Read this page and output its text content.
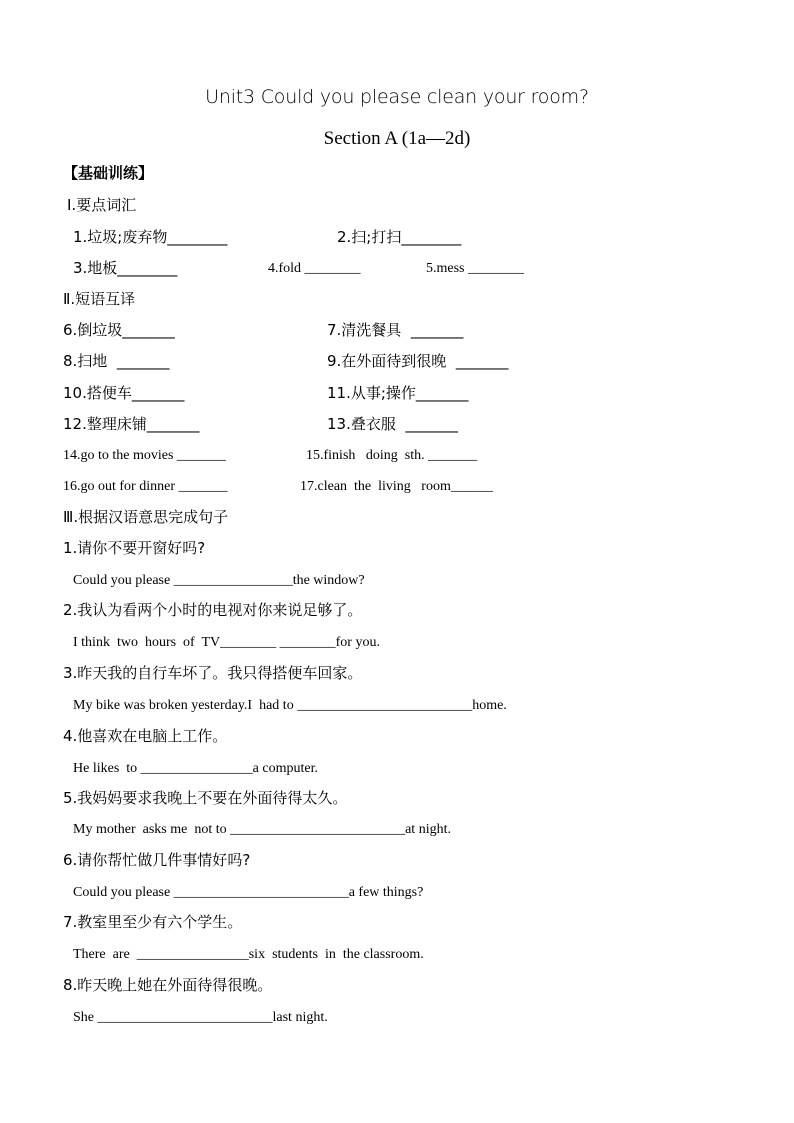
Unit3 Could you please clean your room?
Section A (1a—2d)
【基础训练】
Ⅰ.要点词汇
1.垃圾;废弃物________	2.扫;打扫________
3.地板________	4.fold ________	5.mess ________
Ⅱ.短语互译
6.倒垃圾_______	7.清洗餐具  _______
8.扫地  _______	9.在外面待到很晚  _______
10.搭便车_______	11.从事;操作_______
12.整理床铺_______	13.叠衣服  _______
14.go to the movies _______	15.finish   doing  sth. _______
16.go out for dinner _______	17.clean  the  living   room______
Ⅲ.根据汉语意思完成句子
1.请你不要开窗好吗?
Could you please _________________the window?
2.我认为看两个小时的电视对你来说足够了。
I think  two  hours  of  TV________ ________for you.
3.昨天我的自行车坏了。我只得搭便车回家。
My bike was broken yesterday.I  had to _________________________home.
4.他喜欢在电脑上工作。
He likes  to ________________a computer.
5.我妈妈要求我晚上不要在外面待得太久。
My mother  asks me  not to _________________________at night.
6.请你帮忙做几件事情好吗?
Could you please _________________________a few things?
7.教室里至少有六个学生。
There  are  ________________six  students  in  the classroom.
8.昨天晚上她在外面待得很晚。
She _________________________last night.
